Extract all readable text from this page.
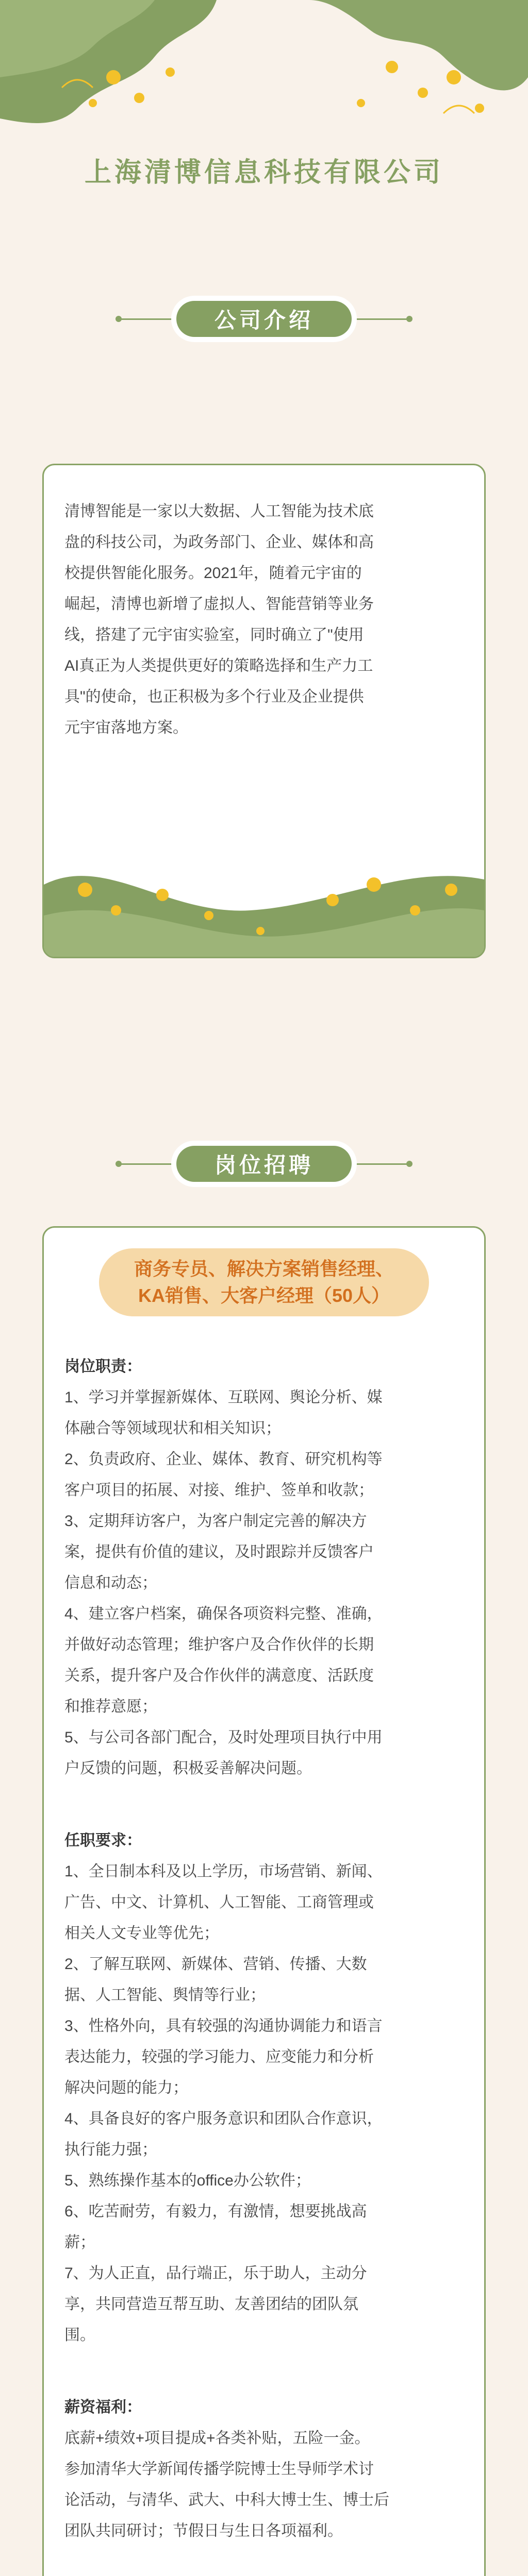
上海清博信息科技有限公司
公司介绍
清博智能是一家以大数据、人工智能为技术底
盘的科技公司，为政务部门、企业、媒体和高
校提供智能化服务。2021年，随着元宇宙的
崛起，清博也新增了虚拟人、智能营销等业务
线，搭建了元宇宙实验室，同时确立了"使用
AI真正为人类提供更好的策略选择和生产力工
具"的使命，也正积极为多个行业及企业提供
元宇宙落地方案。
岗位招聘
商务专员、解决方案销售经理、
KA销售、大客户经理（50人）
岗位职责：
1、学习并掌握新媒体、互联网、舆论分析、媒
体融合等领域现状和相关知识；
2、负责政府、企业、媒体、教育、研究机构等
客户项目的拓展、对接、维护、签单和收款；
3、定期拜访客户，为客户制定完善的解决方
案，提供有价值的建议，及时跟踪并反馈客户
信息和动态；
4、建立客户档案，确保各项资料完整、准确，
并做好动态管理；维护客户及合作伙伴的长期
关系，提升客户及合作伙伴的满意度、活跃度
和推荐意愿；
5、与公司各部门配合，及时处理项目执行中用
户反馈的问题，积极妥善解决问题。
任职要求：
1、全日制本科及以上学历，市场营销、新闻、
广告、中文、计算机、人工智能、工商管理或
相关人文专业等优先；
2、了解互联网、新媒体、营销、传播、大数
据、人工智能、舆情等行业；
3、性格外向，具有较强的沟通协调能力和语言
表达能力，较强的学习能力、应变能力和分析
解决问题的能力；
4、具备良好的客户服务意识和团队合作意识，
执行能力强；
5、熟练操作基本的office办公软件；
6、吃苦耐劳，有毅力，有激情，想要挑战高
薪；
7、为人正直，品行端正，乐于助人，主动分
享，共同营造互帮互助、友善团结的团队氛
围。
薪资福利：
底薪+绩效+项目提成+各类补贴，五险一金。
参加清华大学新闻传播学院博士生导师学术讨
论活动，与清华、武大、中科大博士生、博士后
团队共同研讨；节假日与生日各项福利。
